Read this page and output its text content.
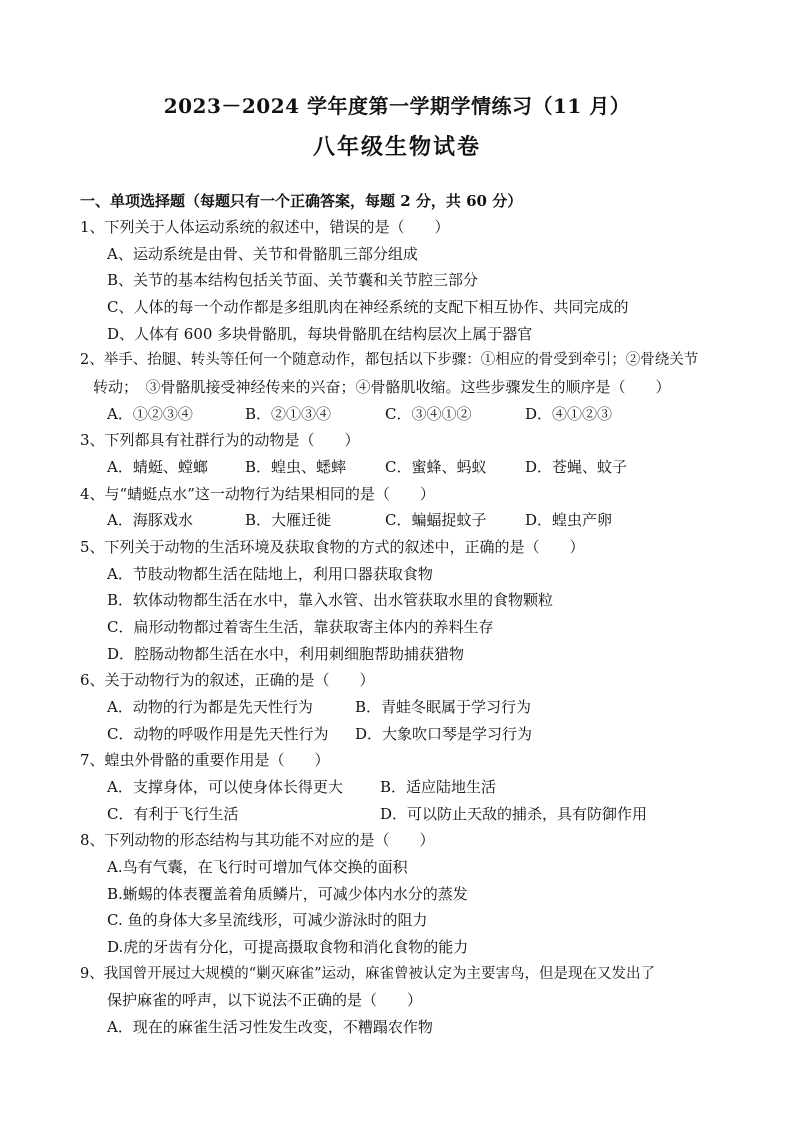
2023－2024 学年度第一学期学情练习（11 月）
八年级生物试卷
一、单项选择题（每题只有一个正确答案，每题 2 分，共 60 分）
1、下列关于人体运动系统的叙述中，错误的是（　　）
A、运动系统是由骨、关节和骨骼肌三部分组成
B、关节的基本结构包括关节面、关节囊和关节腔三部分
C、人体的每一个动作都是多组肌肉在神经系统的支配下相互协作、共同完成的
D、人体有 600 多块骨骼肌，每块骨骼肌在结构层次上属于器官
2、举手、抬腿、转头等任何一个随意动作，都包括以下步骤：①相应的骨受到牵引；②骨绕关节
转动；　③骨骼肌接受神经传来的兴奋；④骨骼肌收缩。这些步骤发生的顺序是（　　）
A．①②③④	B．②①③④	C．③④①②	D．④①②③
3、下列都具有社群行为的动物是（　　）
A．蜻蜓、螳螂 B．蝗虫、蟋蟀	C．蜜蜂、蚂蚁	D．苍蝇、蚊子
4、与“蜻蜓点水”这一动物行为结果相同的是（　　）
A．海豚戏水	B．大雁迁徙	C．蝙蝠捉蚊子	D．蝗虫产卵
5、下列关于动物的生活环境及获取食物的方式的叙述中，正确的是（　　）
A．节肢动物都生活在陆地上，利用口器获取食物
B．软体动物都生活在水中，靠入水管、出水管获取水里的食物颗粒
C．扁形动物都过着寄生生活，靠获取寄主体内的养料生存
D．腔肠动物都生活在水中，利用刺细胞帮助捕获猎物
6、关于动物行为的叙述，正确的是（　　）
A．动物的行为都是先天性行为	B．青蛙冬眠属于学习行为
C．动物的呼吸作用是先天性行为 D．大象吹口琴是学习行为
7、蝗虫外骨骼的重要作用是（　　）
A．支撑身体，可以使身体长得更大 B．适应陆地生活
C．有利于飞行生活	D．可以防止天敌的捕杀，具有防御作用
8、下列动物的形态结构与其功能不对应的是（　　）
A.鸟有气囊，在飞行时可增加气体交换的面积
B.蜥蜴的体表覆盖着角质鳞片，可减少体内水分的蒸发
C. 鱼的身体大多呈流线形，可减少游泳时的阻力
D.虎的牙齿有分化，可提高摄取食物和消化食物的能力
9、我国曾开展过大规模的“剿灭麻雀”运动，麻雀曾被认定为主要害鸟，但是现在又发出了
保护麻雀的呼声，以下说法不正确的是（　　）
A．现在的麻雀生活习性发生改变，不糟蹋农作物
